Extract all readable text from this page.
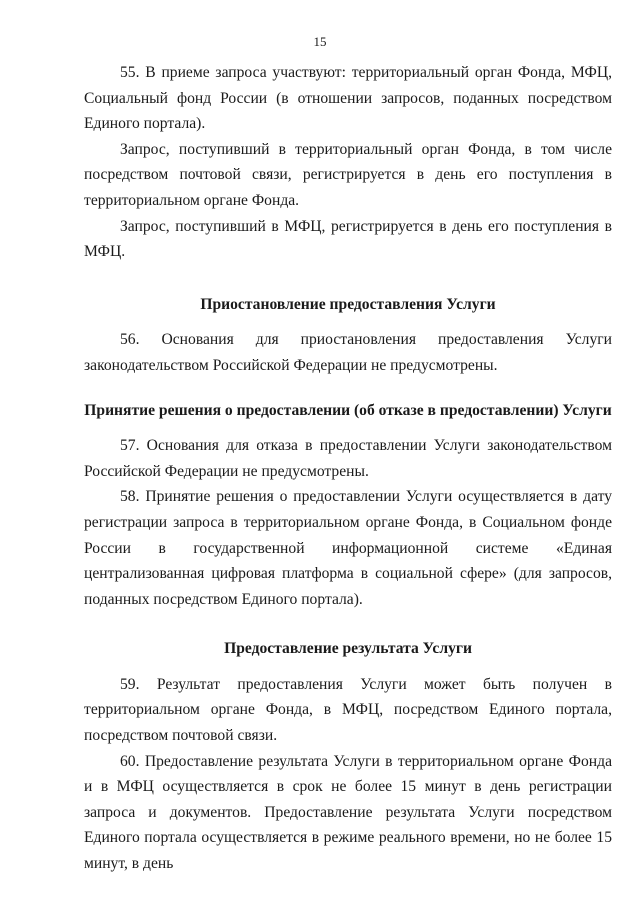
15

55. В приеме запроса участвуют: территориальный орган Фонда, МФЦ, Социальный фонд России (в отношении запросов, поданных посредством Единого портала).

Запрос, поступивший в территориальный орган Фонда, в том числе посредством почтовой связи, регистрируется в день его поступления в территориальном органе Фонда.

Запрос, поступивший в МФЦ, регистрируется в день его поступления в МФЦ.

Приостановление предоставления Услуги

56. Основания для приостановления предоставления Услуги законодательством Российской Федерации не предусмотрены.

Принятие решения о предоставлении (об отказе в предоставлении) Услуги

57. Основания для отказа в предоставлении Услуги законодательством Российской Федерации не предусмотрены.

58. Принятие решения о предоставлении Услуги осуществляется в дату регистрации запроса в территориальном органе Фонда, в Социальном фонде России в государственной информационной системе «Единая централизованная цифровая платформа в социальной сфере» (для запросов, поданных посредством Единого портала).

Предоставление результата Услуги

59. Результат предоставления Услуги может быть получен в территориальном органе Фонда, в МФЦ, посредством Единого портала, посредством почтовой связи.

60. Предоставление результата Услуги в территориальном органе Фонда и в МФЦ осуществляется в срок не более 15 минут в день регистрации запроса и документов. Предоставление результата Услуги посредством Единого портала осуществляется в режиме реального времени, но не более 15 минут, в день
